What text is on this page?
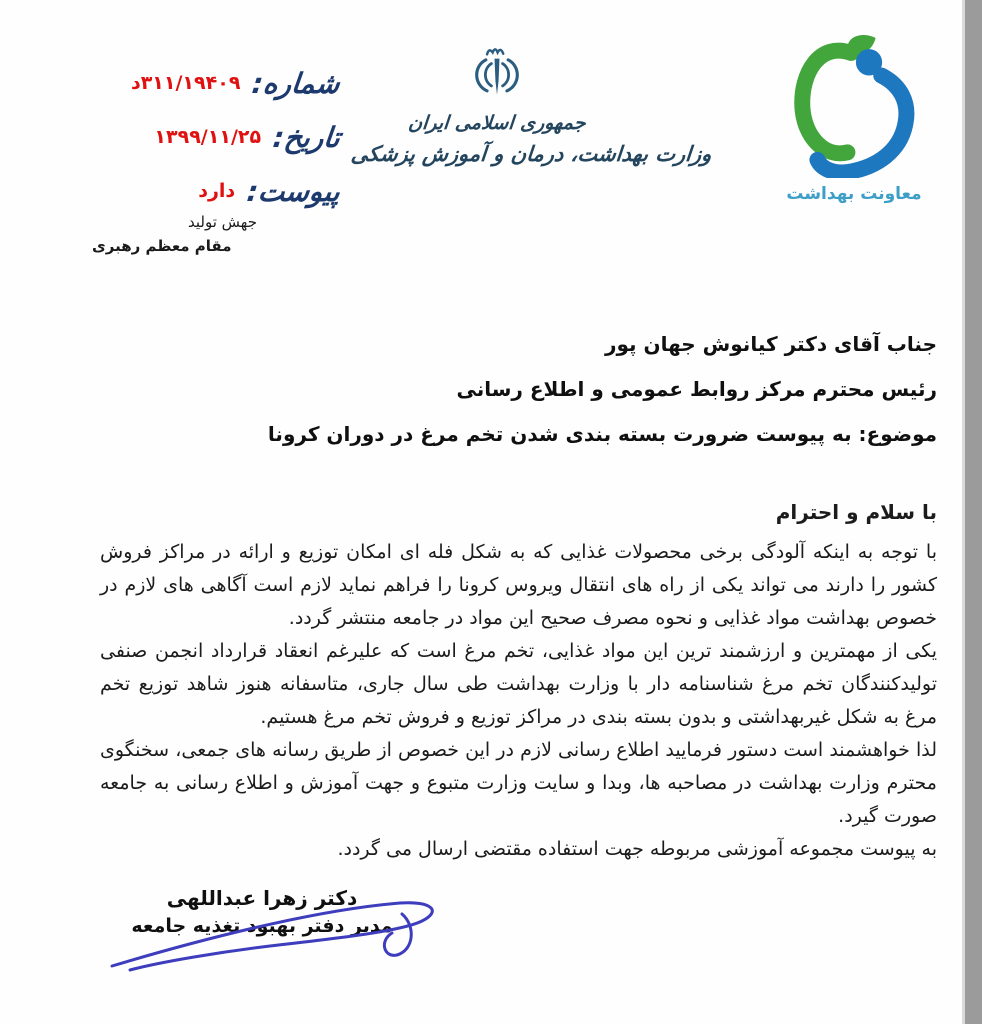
شماره:
۳۱۱/۱۹۴۰۹د
تاریخ:
۱۳۹۹/۱۱/۲۵
پیوست:
دارد
جهش تولید
مقام معظم رهبری
جمهوری اسلامی ایران
وزارت بهداشت، درمان و آموزش پزشکی
معاونت بهداشت
جناب آقای دکتر کیانوش جهان پور
رئیس محترم مرکز روابط عمومی و اطلاع رسانی
موضوع: به پیوست ضرورت بسته بندی شدن تخم مرغ در دوران کرونا

با سلام و احترام

با توجه به اینکه آلودگی برخی محصولات غذایی که به شکل فله ای امکان توزیع و ارائه در مراکز فروش کشور را دارند می تواند یکی از راه های انتقال ویروس کرونا را فراهم نماید لازم است آگاهی های لازم در خصوص بهداشت مواد غذایی و نحوه مصرف صحیح این مواد در جامعه منتشر گردد.

یکی از مهمترین و ارزشمند ترین این مواد غذایی، تخم مرغ است که علیرغم انعقاد قرارداد انجمن صنفی تولیدکنندگان تخم مرغ شناسنامه دار با وزارت بهداشت طی سال جاری، متاسفانه هنوز شاهد توزیع تخم مرغ به شکل غیربهداشتی و بدون بسته بندی در مراکز توزیع و فروش تخم مرغ هستیم.

لذا خواهشمند است دستور فرمایید اطلاع رسانی لازم در این خصوص از طریق رسانه های جمعی، سخنگوی محترم وزارت بهداشت در مصاحبه ها، وبدا و سایت وزارت متبوع و جهت آموزش و اطلاع رسانی به جامعه صورت گیرد.

به پیوست مجموعه آموزشی مربوطه جهت استفاده مقتضی ارسال می گردد.

دکتر زهرا عبداللهی
مدیر دفتر بهبود تغذیه جامعه
